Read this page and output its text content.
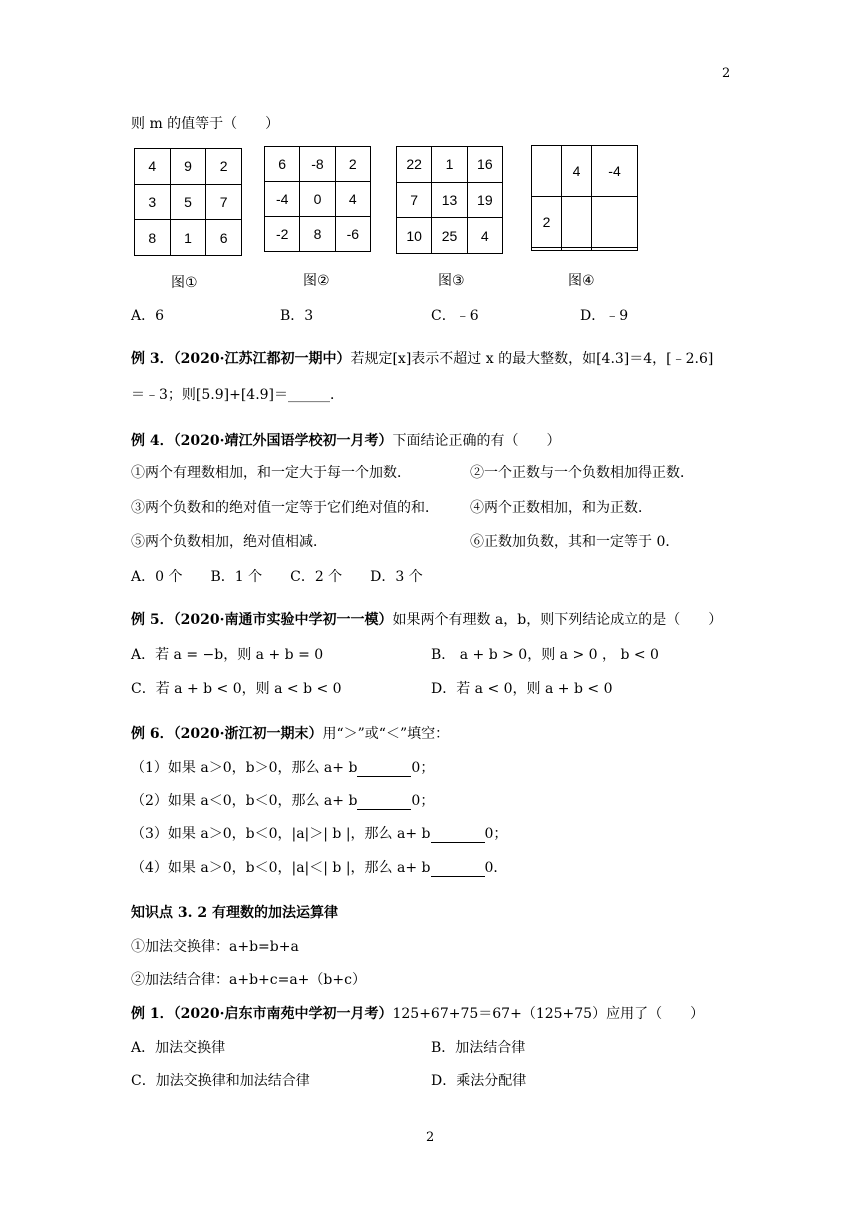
2
2
则 m 的值等于（　　）
4	9	2
3	5	7
8	1	6
图①
6	-8	2
-4	0	4
-2	8	-6
图②
22	1	16
7	13	19
10	25	4
图③
	4	-4
2		

图④
A．6	B．3	C．﹣6	D．﹣9
例 3．（2020·江苏江都初一期中）若规定[x]表示不超过 x 的最大整数，如[4.3]＝4，[﹣2.6]
＝﹣3；则[5.9]+[4.9]＝______．
例 4．（2020·靖江外国语学校初一月考）下面结论正确的有（　　）
①两个有理数相加，和一定大于每一个加数．	②一个正数与一个负数相加得正数．
③两个负数和的绝对值一定等于它们绝对值的和． ④两个正数相加，和为正数．
⑤两个负数相加，绝对值相减．	⑥正数加负数，其和一定等于 0．
A．0 个　　B．1 个　　C．2 个　　D．3 个
例 5．（2020·南通市实验中学初一一模）如果两个有理数 a，b，则下列结论成立的是（　　）
A．若 a = −b，则 a + b = 0	B． a + b > 0，则 a > 0 ， b < 0
C．若 a + b < 0，则 a < b < 0	D．若 a < 0，则 a + b < 0
例 6．（2020·浙江初一期末）用“＞”或“＜”填空：
（1）如果 a＞0，b＞0，那么 a+ b	0；
（2）如果 a＜0，b＜0，那么 a+ b	0；
（3）如果 a＞0，b＜0，|a|＞| b |，那么 a+ b	0；
（4）如果 a＞0，b＜0，|a|＜| b |，那么 a+ b	0．
知识点 3. 2 有理数的加法运算律
①加法交换律：a+b=b+a
②加法结合律：a+b+c=a+（b+c）
例 1．（2020·启东市南苑中学初一月考）125+67+75＝67+（125+75）应用了（　　）
A．加法交换律	B．加法结合律
C．加法交换律和加法结合律	D．乘法分配律
